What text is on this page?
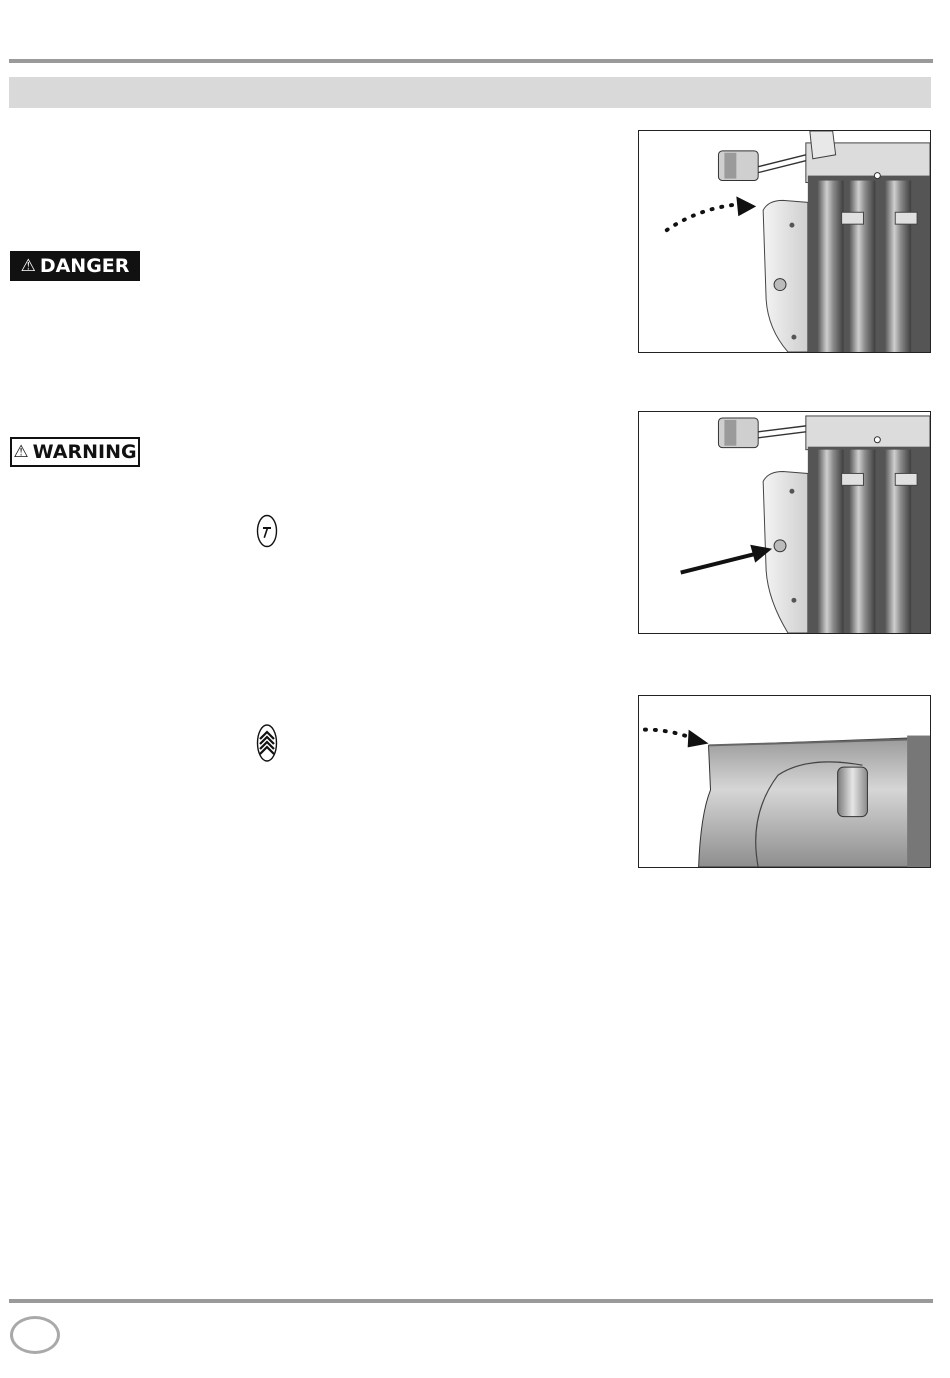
⚠ DANGER
⚠ WARNING
